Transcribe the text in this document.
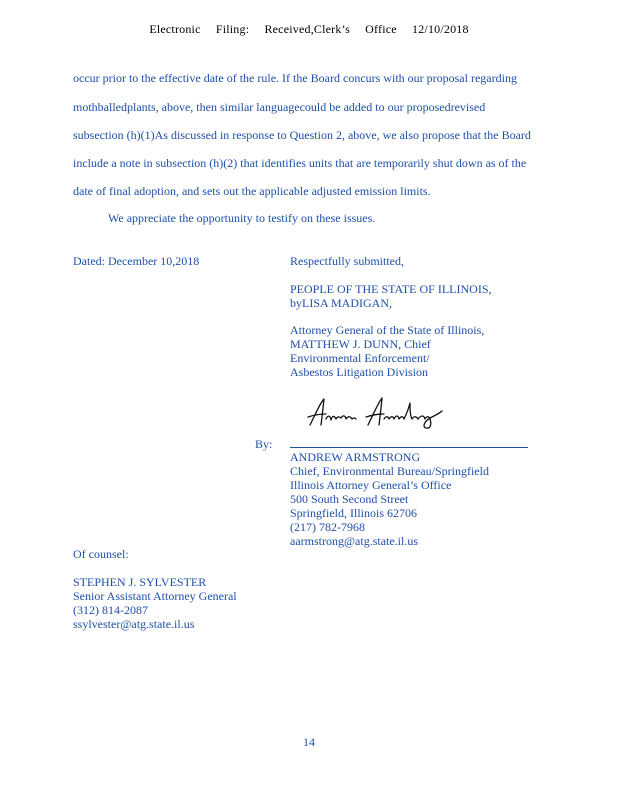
Electronic Filing: Received,Clerk’s Office 12/10/2018
occur prior to the effective date of the rule. If the Board concurs with our proposal regarding
mothballedplants, above, then similar languagecould be added to our proposedrevised
subsection (h)(1)As discussed in response to Question 2, above, we also propose that the Board
include a note in subsection (h)(2) that identifies units that are temporarily shut down as of the
date of final adoption, and sets out the applicable adjusted emission limits.
We appreciate the opportunity to testify on these issues.
Dated: December 10,2018	Respectfully submitted,
PEOPLE OF THE STATE OF ILLINOIS,
byLISA MADIGAN,
Attorney General of the State of Illinois,
MATTHEW J. DUNN, Chief
Environmental Enforcement/
Asbestos Litigation Division
By:
ANDREW ARMSTRONG
Chief, Environmental Bureau/Springfield
Illinois Attorney General’s Office
500 South Second Street
Springfield, Illinois 62706
(217) 782-7968
aarmstrong@atg.state.il.us
Of counsel:
STEPHEN J. SYLVESTER
Senior Assistant Attorney General
(312) 814-2087
ssylvester@atg.state.il.us
14
